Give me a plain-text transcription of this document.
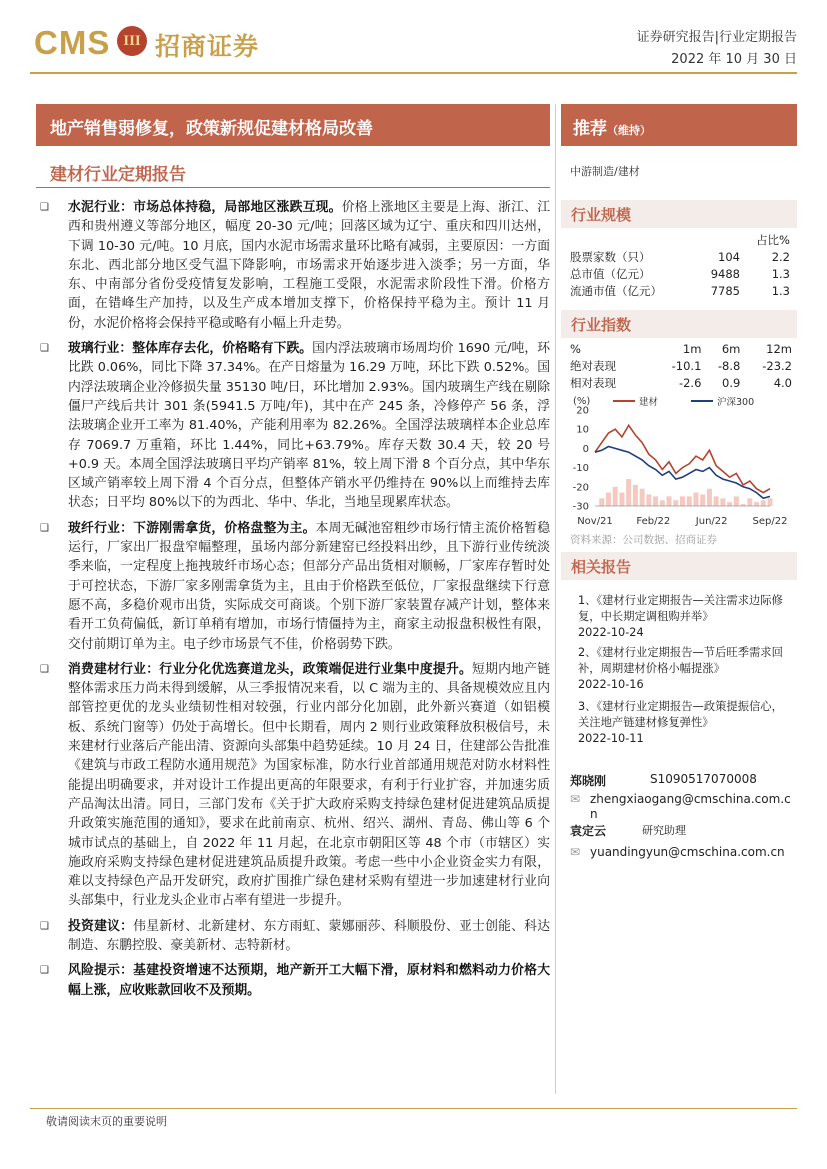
CMS III 招商证券	证券研究报告|行业定期报告
2022 年 10 月 30 日
地产销售弱修复，政策新规促建材格局改善	推荐（维持）
建材行业定期报告
❑	水泥行业：市场总体持稳，局部地区涨跌互现。价格上涨地区主要是上海、浙江、江西和贵州遵义等部分地区，幅度 20-30 元/吨；回落区域为辽宁、重庆和四川达州，下调 10-30 元/吨。10 月底，国内水泥市场需求量环比略有减弱，主要原因：一方面东北、西北部分地区受气温下降影响，市场需求开始逐步进入淡季；另一方面，华东、中南部分省份受疫情复发影响，工程施工受限，水泥需求阶段性下滑。价格方面，在错峰生产加持，以及生产成本增加支撑下，价格保持平稳为主。预计 11 月份，水泥价格将会保持平稳或略有小幅上升走势。
❑	玻璃行业：整体库存去化，价格略有下跌。国内浮法玻璃市场周均价 1690 元/吨，环比跌 0.06%，同比下降 37.34%。在产日熔量为 16.29 万吨，环比下跌 0.52%。国内浮法玻璃企业冷修损失量 35130 吨/日，环比增加 2.93%。国内玻璃生产线在剔除僵尸产线后共计 301 条(5941.5 万吨/年)，其中在产 245 条，冷修停产 56 条，浮法玻璃企业开工率为 81.40%，产能利用率为 82.26%。全国浮法玻璃样本企业总库存 7069.7 万重箱，环比 1.44%，同比+63.79%。库存天数 30.4 天，较 20 号+0.9 天。本周全国浮法玻璃日平均产销率 81%，较上周下滑 8 个百分点，其中华东区域产销率较上周下滑 4 个百分点，但整体产销水平仍维持在 90%以上而维持去库状态；日平均 80%以下的为西北、华中、华北，当地呈现累库状态。
❑	玻纤行业：下游刚需拿货，价格盘整为主。本周无碱池窑粗纱市场行情主流价格暂稳运行，厂家出厂报盘窄幅整理，虽场内部分新建窑已经投料出纱，且下游行业传统淡季来临，一定程度上拖拽玻纤市场心态；但部分产品出货相对顺畅，厂家库存暂时处于可控状态，下游厂家多刚需拿货为主，且由于价格跌至低位，厂家报盘继续下行意愿不高，多稳价观市出货，实际成交可商谈。个别下游厂家装置存减产计划，整体来看开工负荷偏低，新订单稍有增加，市场行情僵持为主，商家主动报盘积极性有限，交付前期订单为主。电子纱市场景气不佳，价格弱势下跌。
❑	消费建材行业：行业分化优选赛道龙头，政策端促进行业集中度提升。短期内地产链整体需求压力尚未得到缓解，从三季报情况来看，以 C 端为主的、具备规模效应且内部管控更优的龙头业绩韧性相对较强，行业内部分化加剧，此外新兴赛道（如铝模板、系统门窗等）仍处于高增长。但中长期看，周内 2 则行业政策释放积极信号，未来建材行业落后产能出清、资源向头部集中趋势延续。10 月 24 日，住建部公告批准《建筑与市政工程防水通用规范》为国家标准，防水行业首部通用规范对防水材料性能提出明确要求，并对设计工作提出更高的年限要求，有利于行业扩容，并加速劣质产品淘汰出清。同日，三部门发布《关于扩大政府采购支持绿色建材促进建筑品质提升政策实施范围的通知》，要求在此前南京、杭州、绍兴、湖州、青岛、佛山等 6 个城市试点的基础上，自 2022 年 11 月起，在北京市朝阳区等 48 个市（市辖区）实施政府采购支持绿色建材促进建筑品质提升政策。考虑一些中小企业资金实力有限，难以支持绿色产品开发研究，政府扩围推广绿色建材采购有望进一步加速建材行业向头部集中，行业龙头企业市占率有望进一步提升。
❑	投资建议：伟星新材、北新建材、东方雨虹、蒙娜丽莎、科顺股份、亚士创能、科达制造、东鹏控股、豪美新材、志特新材。
❑	风险提示：基建投资增速不达预期，地产新开工大幅下滑，原材料和燃料动力价格大幅上涨，应收账款回收不及预期。
中游制造/建材
行业规模
占比%
股票家数（只）	104	2.2
总市值（亿元）	9488	1.3
流通市值（亿元）	7785	1.3
行业指数
%	1m	6m	12m
绝对表现	-10.1	-8.8	-23.2
相对表现	-2.6	0.9	4.0
(%)	建材	沪深300
20
10
0
-10
-20
-30
Nov/21 Feb/22	Jun/22 Sep/22
资料来源：公司数据、招商证券
相关报告
1、《建材行业定期报告—关注需求边际修复，中长期定调租购并举》
2022-10-24
2、《建材行业定期报告—节后旺季需求回补，周期建材价格小幅提涨》
2022-10-16
3、《建材行业定期报告—政策提振信心，关注地产链建材修复弹性》
2022-10-11
郑晓刚	S1090517070008
✉ zhengxiaogang@cmschina.com.cn
袁定云	研究助理
✉ yuandingyun@cmschina.com.cn
敬请阅读末页的重要说明
